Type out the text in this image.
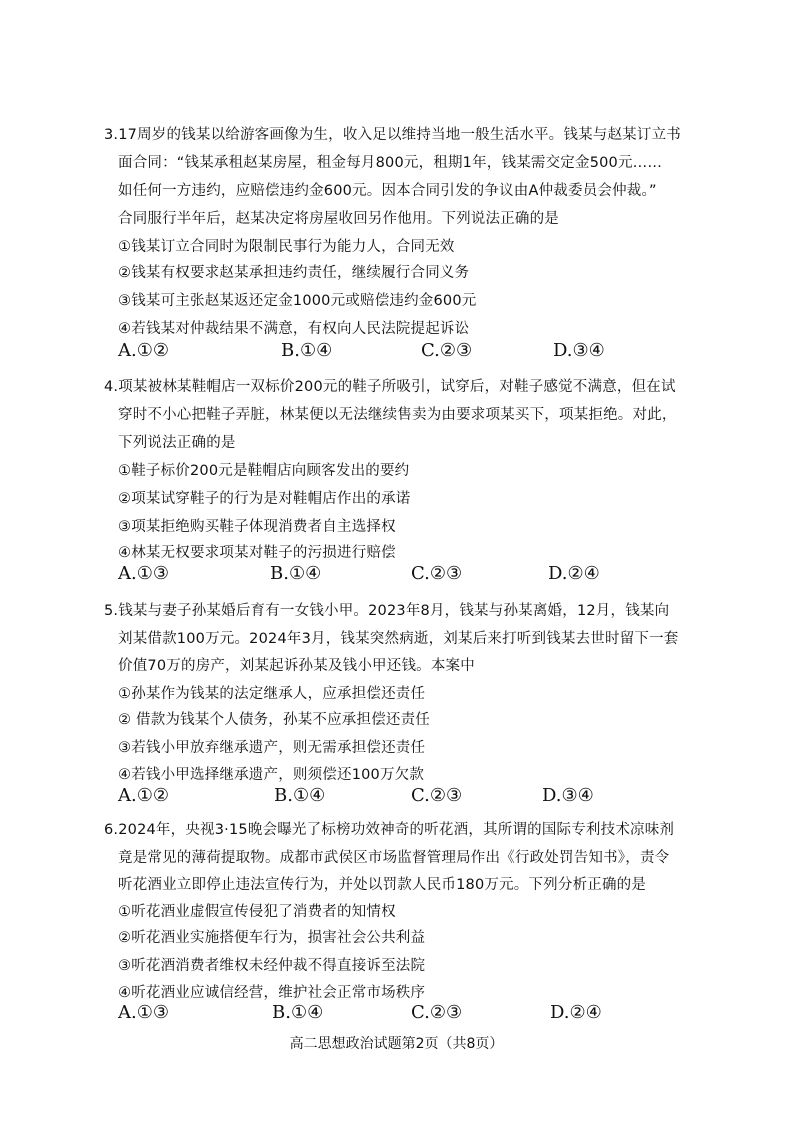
3.17周岁的钱某以给游客画像为生，收入足以维持当地一般生活水平。钱某与赵某订立书
面合同：“钱某承租赵某房屋，租金每月800元，租期1年，钱某需交定金500元……
如任何一方违约，应赔偿违约金600元。因本合同引发的争议由A仲裁委员会仲裁。”
合同服行半年后，赵某决定将房屋收回另作他用。下列说法正确的是
①钱某订立合同时为限制民事行为能力人，合同无效
②钱某有权要求赵某承担违约责任，继续履行合同义务
③钱某可主张赵某返还定金1000元或赔偿违约金600元
④若钱某对仲裁结果不满意，有权向人民法院提起诉讼
A.①②	B.①④	C.②③	D.③④
4.项某被林某鞋帽店一双标价200元的鞋子所吸引，试穿后，对鞋子感觉不满意，但在试
穿时不小心把鞋子弄脏，林某便以无法继续售卖为由要求项某买下，项某拒绝。对此，
下列说法正确的是
①鞋子标价200元是鞋帽店向顾客发出的要约
②项某试穿鞋子的行为是对鞋帽店作出的承诺
③项某拒绝购买鞋子体现消费者自主选择权
④林某无权要求项某对鞋子的污损进行赔偿
A.①③	B.①④	C.②③	D.②④
5.钱某与妻子孙某婚后育有一女钱小甲。2023年8月，钱某与孙某离婚，12月，钱某向
刘某借款100万元。2024年3月，钱某突然病逝，刘某后来打听到钱某去世时留下一套
价值70万的房产，刘某起诉孙某及钱小甲还钱。本案中
①孙某作为钱某的法定继承人，应承担偿还责任
② 借款为钱某个人债务，孙某不应承担偿还责任
③若钱小甲放弃继承遗产，则无需承担偿还责任
④若钱小甲选择继承遗产，则须偿还100万欠款
A.①②	B.①④	C.②③	D.③④
6.2024年，央视3·15晚会曝光了标榜功效神奇的听花酒，其所谓的国际专利技术凉味剂
竟是常见的薄荷提取物。成都市武侯区市场监督管理局作出《行政处罚告知书》，责令
听花酒业立即停止违法宣传行为，并处以罚款人民币180万元。下列分析正确的是
①听花酒业虚假宣传侵犯了消费者的知情权
②听花酒业实施搭便车行为，损害社会公共利益
③听花酒消费者维权未经仲裁不得直接诉至法院
④听花酒业应诚信经营，维护社会正常市场秩序
A.①③	B.①④	C.②③	D.②④
高二思想政治试题第2页（共8页）
